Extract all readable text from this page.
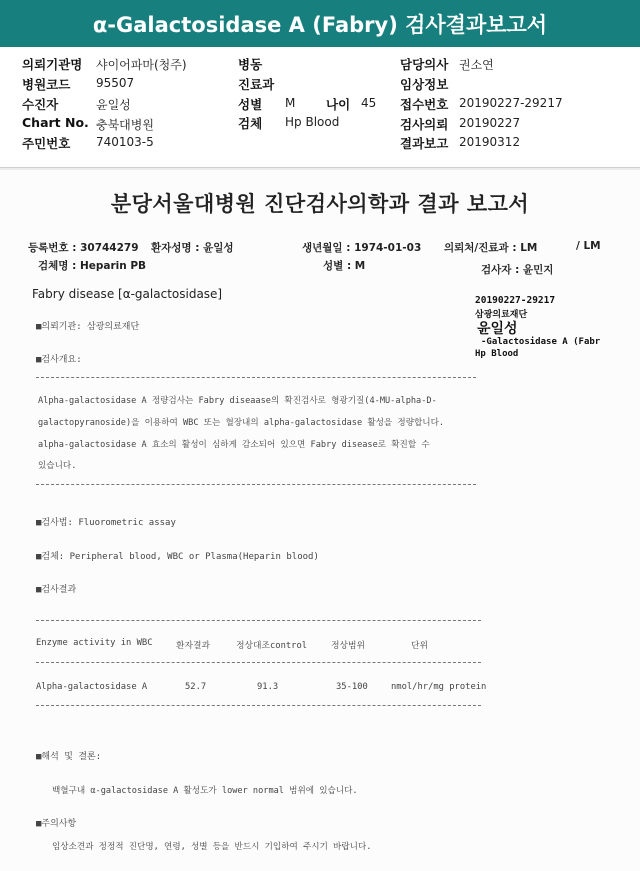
α-Galactosidase A (Fabry) 검사결과보고서
의뢰기관명 샤이어파마(청주)
병원코드 95507
수진자	윤일성
Chart No. 충북대병원
주민번호 740103-5
병동
진료과
성별 M 나이 45
검체 Hp Blood
담당의사 권소연
임상정보
접수번호 20190227-29217
검사의뢰 20190227
결과보고 20190312
분당서울대병원 진단검사의학과 결과 보고서
등록번호 : 30744279 환자성명 : 윤일성	생년월일 : 1974-01-03 의뢰처/진료과 : LM	/ LM
검체명 : Heparin PB	성별 : M	검사자 : 윤민지
Fabry disease [α-galactosidase]	20190227-29217
삼광의료재단
윤일성
-Galactosidase A (Fabr
Hp Blood
■의뢰기관: 삼광의료재단
■검사개요:
Alpha-galactosidase A 정량검사는 Fabry diseaase의 확진검사로 형광기질(4-MU-alpha-D-
galactopyranoside)을 이용하여 WBC 또는 혈장내의 alpha-galactosidase 활성을 정량합니다.
alpha-galactosidase A 효소의 활성이 심하게 감소되어 있으면 Fabry disease로 확진할 수
있습니다.
■검사법: Fluorometric assay
■검체: Peripheral blood, WBC or Plasma(Heparin blood)
■검사결과
Enzyme activity in WBC	환자결과	정상대조control	정상범위	단위
Alpha-galactosidase A	52.7	91.3	35-100	nmol/hr/mg protein
■해석 및 결론:
백혈구내 α-galactosidase A 활성도가 lower normal 범위에 있습니다.
■주의사항
임상소견과 정정적 진단명, 연령, 성별 등을 반드시 기입하여 주시기 바랍니다.
